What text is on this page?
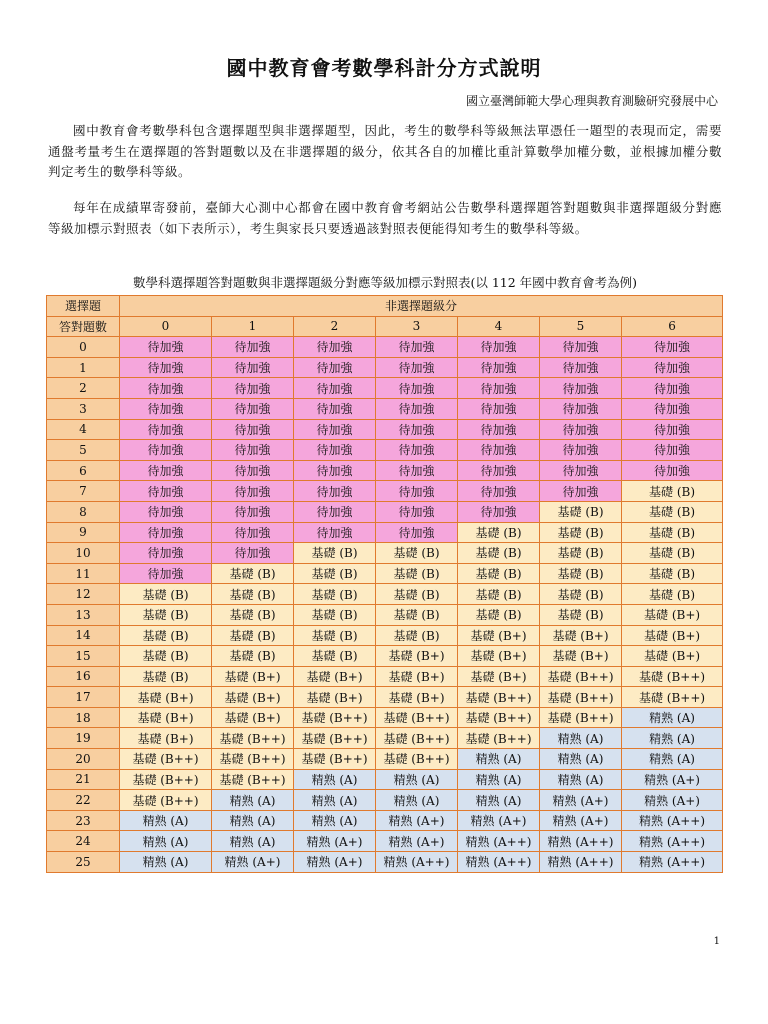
國中教育會考數學科計分方式說明
國立臺灣師範大學心理與教育測驗研究發展中心
國中教育會考數學科包含選擇題型與非選擇題型，因此，考生的數學科等級無法單憑任一題型的表現而定，需要通盤考量考生在選擇題的答對題數以及在非選擇題的級分，依其各自的加權比重計算數學加權分數，並根據加權分數判定考生的數學科等級。
每年在成績單寄發前，臺師大心測中心都會在國中教育會考網站公告數學科選擇題答對題數與非選擇題級分對應等級加標示對照表（如下表所示），考生與家長只要透過該對照表便能得知考生的數學科等級。
數學科選擇題答對題數與非選擇題級分對應等級加標示對照表(以 112 年國中教育會考為例)
選擇題	非選擇題級分						
答對題數	0	1	2	3	4	5	6
0	待加強	待加強	待加強	待加強	待加強	待加強	待加強
1	待加強	待加強	待加強	待加強	待加強	待加強	待加強
2	待加強	待加強	待加強	待加強	待加強	待加強	待加強
3	待加強	待加強	待加強	待加強	待加強	待加強	待加強
4	待加強	待加強	待加強	待加強	待加強	待加強	待加強
5	待加強	待加強	待加強	待加強	待加強	待加強	待加強
6	待加強	待加強	待加強	待加強	待加強	待加強	待加強
7	待加強	待加強	待加強	待加強	待加強	待加強	基礎 (B)
8	待加強	待加強	待加強	待加強	待加強	基礎 (B)	基礎 (B)
9	待加強	待加強	待加強	待加強	基礎 (B)	基礎 (B)	基礎 (B)
10	待加強	待加強	基礎 (B)	基礎 (B)	基礎 (B)	基礎 (B)	基礎 (B)
11	待加強	基礎 (B)	基礎 (B)	基礎 (B)	基礎 (B)	基礎 (B)	基礎 (B)
12	基礎 (B)	基礎 (B)	基礎 (B)	基礎 (B)	基礎 (B)	基礎 (B)	基礎 (B)
13	基礎 (B)	基礎 (B)	基礎 (B)	基礎 (B)	基礎 (B)	基礎 (B)	基礎 (B+)
14	基礎 (B)	基礎 (B)	基礎 (B)	基礎 (B)	基礎 (B+)	基礎 (B+)	基礎 (B+)
15	基礎 (B)	基礎 (B)	基礎 (B)	基礎 (B+)	基礎 (B+)	基礎 (B+)	基礎 (B+)
16	基礎 (B)	基礎 (B+)	基礎 (B+)	基礎 (B+)	基礎 (B+)	基礎 (B++)	基礎 (B++)
17	基礎 (B+)	基礎 (B+)	基礎 (B+)	基礎 (B+)	基礎 (B++)	基礎 (B++)	基礎 (B++)
18	基礎 (B+)	基礎 (B+)	基礎 (B++)	基礎 (B++)	基礎 (B++)	基礎 (B++)	精熟 (A)
19	基礎 (B+)	基礎 (B++)	基礎 (B++)	基礎 (B++)	基礎 (B++)	精熟 (A)	精熟 (A)
20	基礎 (B++)	基礎 (B++)	基礎 (B++)	基礎 (B++)	精熟 (A)	精熟 (A)	精熟 (A)
21	基礎 (B++)	基礎 (B++)	精熟 (A)	精熟 (A)	精熟 (A)	精熟 (A)	精熟 (A+)
22	基礎 (B++)	精熟 (A)	精熟 (A)	精熟 (A)	精熟 (A)	精熟 (A+)	精熟 (A+)
23	精熟 (A)	精熟 (A)	精熟 (A)	精熟 (A+)	精熟 (A+)	精熟 (A+)	精熟 (A++)
24	精熟 (A)	精熟 (A)	精熟 (A+)	精熟 (A+)	精熟 (A++)	精熟 (A++)	精熟 (A++)
25	精熟 (A)	精熟 (A+)	精熟 (A+)	精熟 (A++)	精熟 (A++)	精熟 (A++)	精熟 (A++)
1
